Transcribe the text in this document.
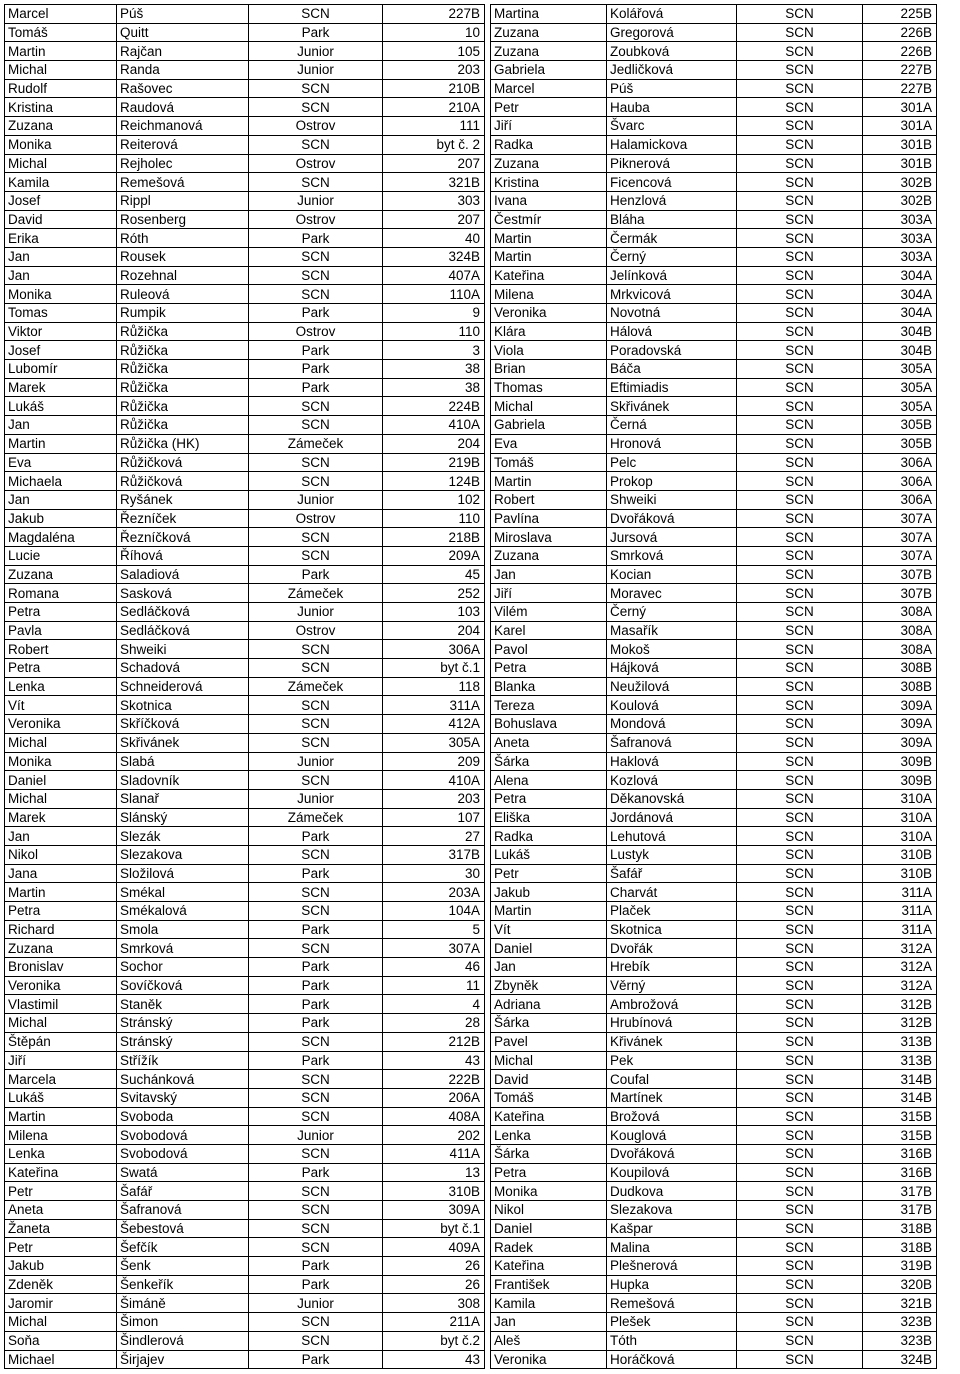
Marcel	Púš	SCN	227B
Tomáš	Quitt	Park	10
Martin	Rajčan	Junior	105
Michal	Randa	Junior	203
Rudolf	Rašovec	SCN	210B
Kristina	Raudová	SCN	210A
Zuzana	Reichmanová	Ostrov	111
Monika	Reiterová	SCN	byt č. 2
Michal	Rejholec	Ostrov	207
Kamila	Remešová	SCN	321B
Josef	Rippl	Junior	303
David	Rosenberg	Ostrov	207
Erika	Róth	Park	40
Jan	Rousek	SCN	324B
Jan	Rozehnal	SCN	407A
Monika	Ruleová	SCN	110A
Tomas	Rumpik	Park	9
Viktor	Růžička	Ostrov	110
Josef	Růžička	Park	3
Lubomír	Růžička	Park	38
Marek	Růžička	Park	38
Lukáš	Růžička	SCN	224B
Jan	Růžička	SCN	410A
Martin	Růžička (HK)	Zámeček	204
Eva	Růžičková	SCN	219B
Michaela	Růžičková	SCN	124B
Jan	Ryšánek	Junior	102
Jakub	Řezníček	Ostrov	110
Magdaléna	Řezníčková	SCN	218B
Lucie	Říhová	SCN	209A
Zuzana	Saladiová	Park	45
Romana	Sasková	Zámeček	252
Petra	Sedláčková	Junior	103
Pavla	Sedláčková	Ostrov	204
Robert	Shweiki	SCN	306A
Petra	Schadová	SCN	byt č.1
Lenka	Schneiderová	Zámeček	118
Vít	Skotnica	SCN	311A
Veronika	Skříčková	SCN	412A
Michal	Skřivánek	SCN	305A
Monika	Slabá	Junior	209
Daniel	Sladovník	SCN	410A
Michal	Slanař	Junior	203
Marek	Slánský	Zámeček	107
Jan	Slezák	Park	27
Nikol	Slezakova	SCN	317B
Jana	Složilová	Park	30
Martin	Smékal	SCN	203A
Petra	Smékalová	SCN	104A
Richard	Smola	Park	5
Zuzana	Smrková	SCN	307A
Bronislav	Sochor	Park	46
Veronika	Sovíčková	Park	11
Vlastimil	Staněk	Park	4
Michal	Stránský	Park	28
Štěpán	Stránský	SCN	212B
Jiří	Střížík	Park	43
Marcela	Suchánková	SCN	222B
Lukáš	Svitavský	SCN	206A
Martin	Svoboda	SCN	408A
Milena	Svobodová	Junior	202
Lenka	Svobodová	SCN	411A
Kateřina	Swatá	Park	13
Petr	Šafář	SCN	310B
Aneta	Šafranová	SCN	309A
Žaneta	Šebestová	SCN	byt č.1
Petr	Šefčík	SCN	409A
Jakub	Šenk	Park	26
Zdeněk	Šenkeřík	Park	26
Jaromir	Šimáně	Junior	308
Michal	Šimon	SCN	211A
Soňa	Šindlerová	SCN	byt č.2
Michael	Širjajev	Park	43
Martina	Kolářová	SCN	225B
Zuzana	Gregorová	SCN	226B
Zuzana	Zoubková	SCN	226B
Gabriela	Jedličková	SCN	227B
Marcel	Púš	SCN	227B
Petr	Hauba	SCN	301A
Jiří	Švarc	SCN	301A
Radka	Halamickova	SCN	301B
Zuzana	Piknerová	SCN	301B
Kristina	Ficencová	SCN	302B
Ivana	Henzlová	SCN	302B
Čestmír	Bláha	SCN	303A
Martin	Čermák	SCN	303A
Martin	Černý	SCN	303A
Kateřina	Jelínková	SCN	304A
Milena	Mrkvicová	SCN	304A
Veronika	Novotná	SCN	304A
Klára	Hálová	SCN	304B
Viola	Poradovská	SCN	304B
Brian	Báča	SCN	305A
Thomas	Eftimiadis	SCN	305A
Michal	Skřivánek	SCN	305A
Gabriela	Černá	SCN	305B
Eva	Hronová	SCN	305B
Tomáš	Pelc	SCN	306A
Martin	Prokop	SCN	306A
Robert	Shweiki	SCN	306A
Pavlína	Dvořáková	SCN	307A
Miroslava	Jursová	SCN	307A
Zuzana	Smrková	SCN	307A
Jan	Kocian	SCN	307B
Jiří	Moravec	SCN	307B
Vilém	Černý	SCN	308A
Karel	Masařík	SCN	308A
Pavol	Mokoš	SCN	308A
Petra	Hájková	SCN	308B
Blanka	Neužilová	SCN	308B
Tereza	Koulová	SCN	309A
Bohuslava	Mondová	SCN	309A
Aneta	Šafranová	SCN	309A
Šárka	Haklová	SCN	309B
Alena	Kozlová	SCN	309B
Petra	Děkanovská	SCN	310A
Eliška	Jordánová	SCN	310A
Radka	Lehutová	SCN	310A
Lukáš	Lustyk	SCN	310B
Petr	Šafář	SCN	310B
Jakub	Charvát	SCN	311A
Martin	Plaček	SCN	311A
Vít	Skotnica	SCN	311A
Daniel	Dvořák	SCN	312A
Jan	Hrebík	SCN	312A
Zbyněk	Věrný	SCN	312A
Adriana	Ambrožová	SCN	312B
Šárka	Hrubínová	SCN	312B
Pavel	Křivánek	SCN	313B
Michal	Pek	SCN	313B
David	Coufal	SCN	314B
Tomáš	Martínek	SCN	314B
Kateřina	Brožová	SCN	315B
Lenka	Kouglová	SCN	315B
Šárka	Dvořáková	SCN	316B
Petra	Koupilová	SCN	316B
Monika	Dudkova	SCN	317B
Nikol	Slezakova	SCN	317B
Daniel	Kašpar	SCN	318B
Radek	Malina	SCN	318B
Kateřina	Plešnerová	SCN	319B
František	Hupka	SCN	320B
Kamila	Remešová	SCN	321B
Jan	Plešek	SCN	323B
Aleš	Tóth	SCN	323B
Veronika	Horáčková	SCN	324B
